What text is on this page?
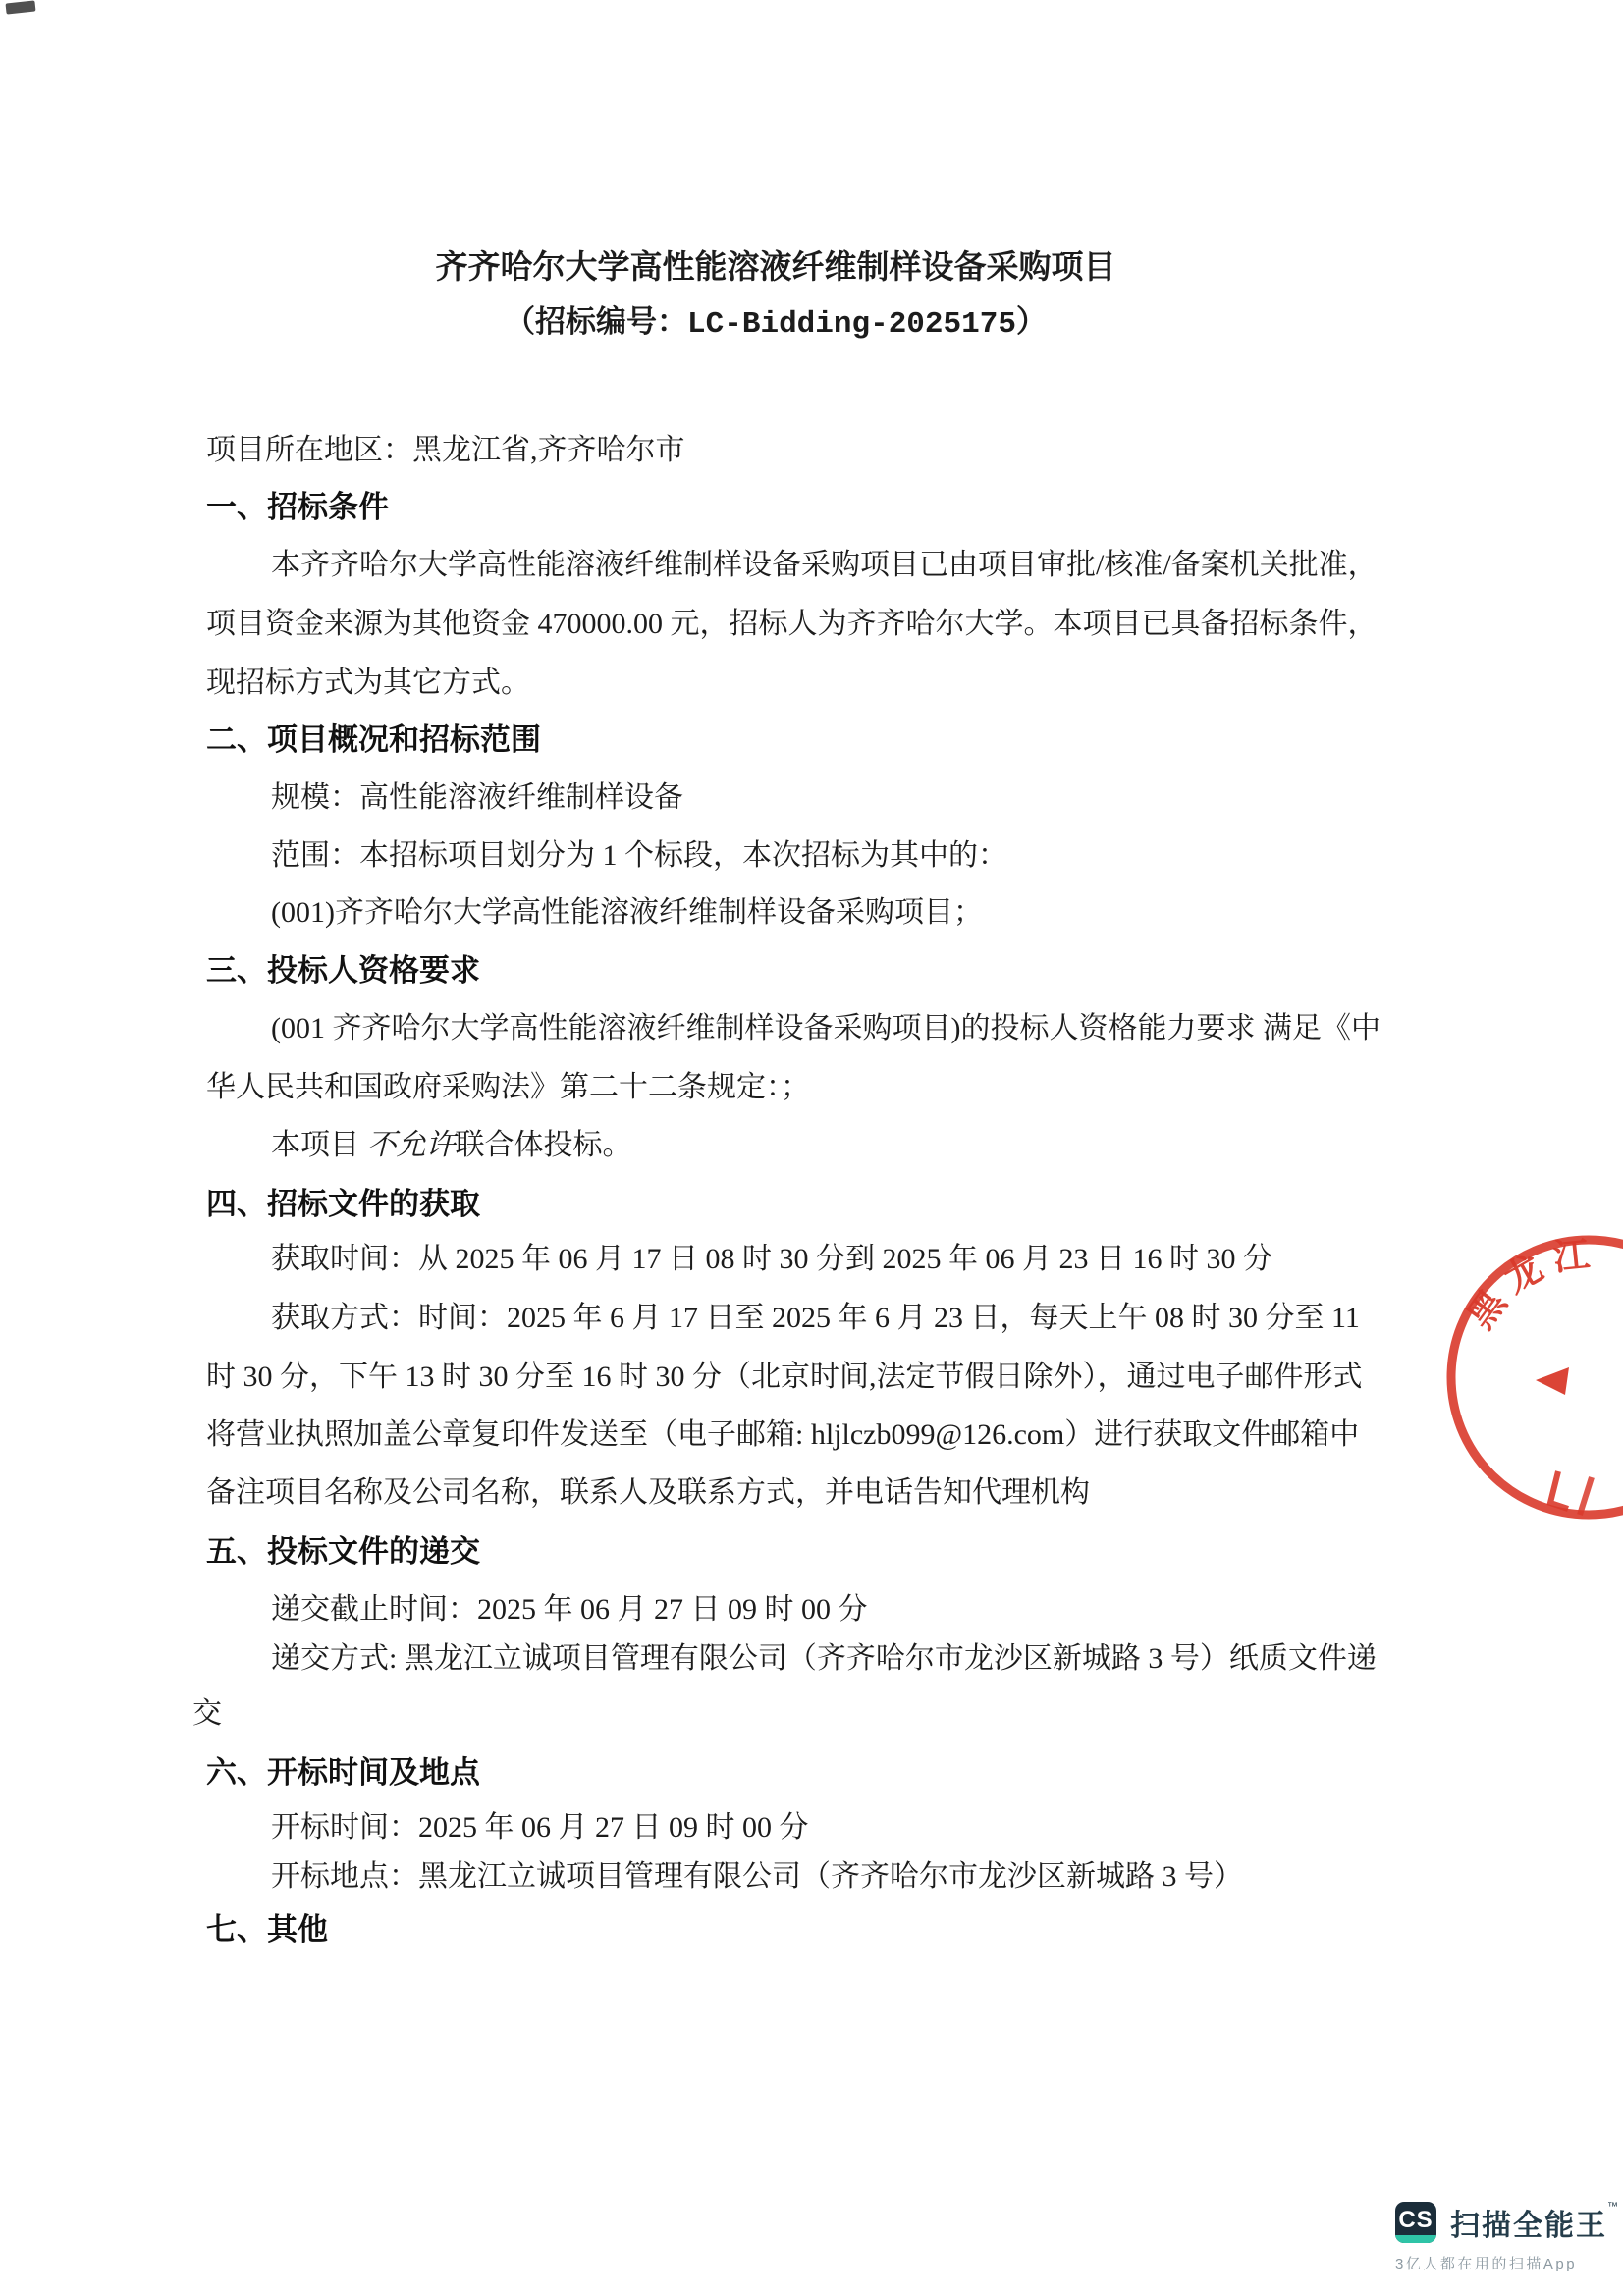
齐齐哈尔大学高性能溶液纤维制样设备采购项目
（招标编号：LC-Bidding-2025175）
项目所在地区：黑龙江省,齐齐哈尔市
一、招标条件
本齐齐哈尔大学高性能溶液纤维制样设备采购项目已由项目审批/核准/备案机关批准，
项目资金来源为其他资金 470000.00 元，招标人为齐齐哈尔大学。本项目已具备招标条件，
现招标方式为其它方式。
二、项目概况和招标范围
规模：高性能溶液纤维制样设备
范围：本招标项目划分为 1 个标段，本次招标为其中的：
(001)齐齐哈尔大学高性能溶液纤维制样设备采购项目；
三、投标人资格要求
(001 齐齐哈尔大学高性能溶液纤维制样设备采购项目)的投标人资格能力要求 满足《中
华人民共和国政府采购法》第二十二条规定：；
本项目 不允许联合体投标。
四、招标文件的获取
获取时间：从 2025 年 06 月 17 日 08 时 30 分到 2025 年 06 月 23 日 16 时 30 分
获取方式：时间：2025 年 6 月 17 日至 2025 年 6 月 23 日，每天上午 08 时 30 分至 11
时 30 分，下午 13 时 30 分至 16 时 30 分（北京时间,法定节假日除外），通过电子邮件形式
将营业执照加盖公章复印件发送至（电子邮箱: hljlczb099@126.com）进行获取文件邮箱中
备注项目名称及公司名称，联系人及联系方式，并电话告知代理机构
五、投标文件的递交
递交截止时间：2025 年 06 月 27 日 09 时 00 分
递交方式: 黑龙江立诚项目管理有限公司（齐齐哈尔市龙沙区新城路 3 号）纸质文件递
交
六、开标时间及地点
开标时间：2025 年 06 月 27 日 09 时 00 分
开标地点：黑龙江立诚项目管理有限公司（齐齐哈尔市龙沙区新城路 3 号）
七、其他
黑龙江
CS 扫描全能王™
3亿人都在用的扫描App
